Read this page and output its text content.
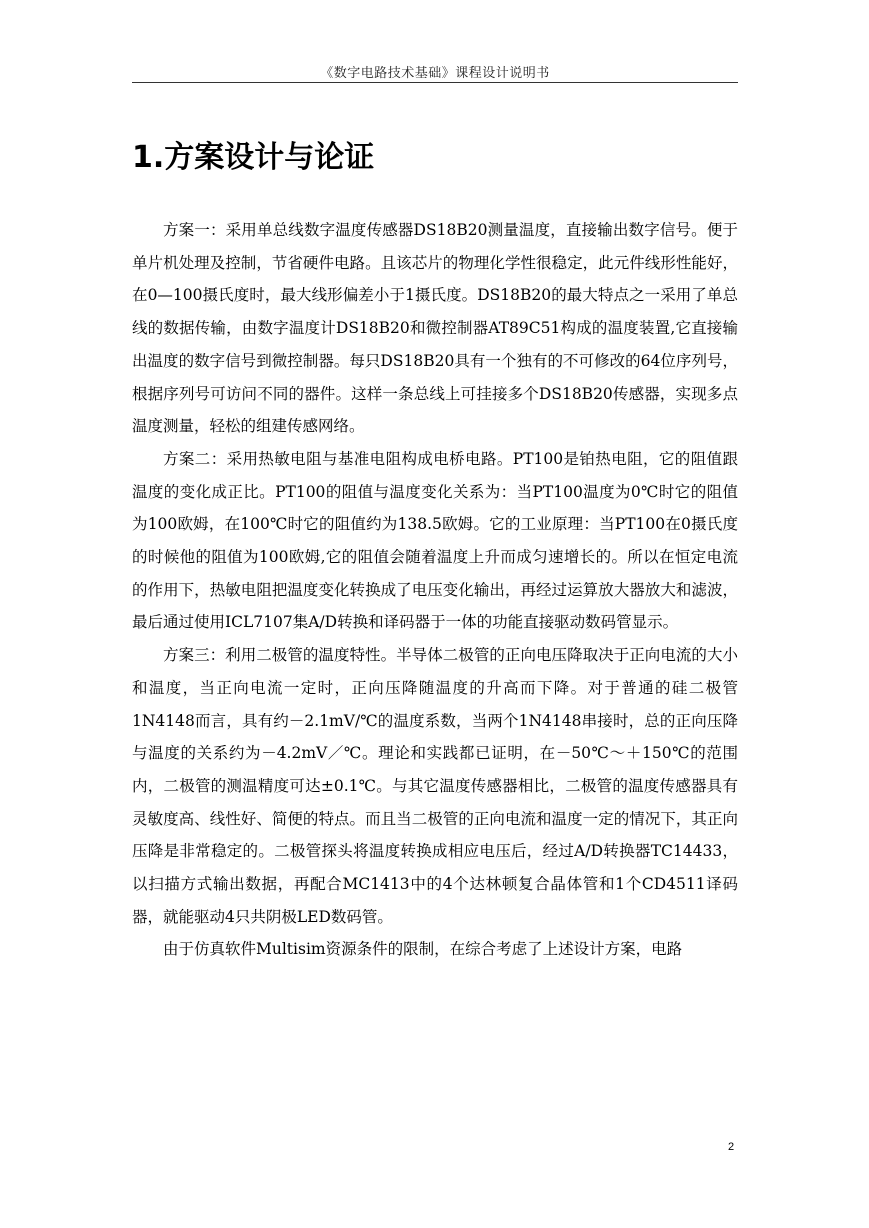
《数字电路技术基础》课程设计说明书
1.方案设计与论证

方案一：采用单总线数字温度传感器DS18B20测量温度，直接输出数字信号。便于单片机处理及控制，节省硬件电路。且该芯片的物理化学性很稳定，此元件线形性能好，在0—100摄氏度时，最大线形偏差小于1摄氏度。DS18B20的最大特点之一采用了单总线的数据传输，由数字温度计DS18B20和微控制器AT89C51构成的温度装置,它直接输出温度的数字信号到微控制器。每只DS18B20具有一个独有的不可修改的64位序列号，根据序列号可访问不同的器件。这样一条总线上可挂接多个DS18B20传感器，实现多点温度测量，轻松的组建传感网络。

方案二：采用热敏电阻与基准电阻构成电桥电路。PT100是铂热电阻，它的阻值跟温度的变化成正比。PT100的阻值与温度变化关系为：当PT100温度为0℃时它的阻值为100欧姆，在100℃时它的阻值约为138.5欧姆。它的工业原理：当PT100在0摄氏度的时候他的阻值为100欧姆,它的阻值会随着温度上升而成匀速增长的。所以在恒定电流的作用下，热敏电阻把温度变化转换成了电压变化输出，再经过运算放大器放大和滤波，最后通过使用ICL7107集A/D转换和译码器于一体的功能直接驱动数码管显示。

方案三：利用二极管的温度特性。半导体二极管的正向电压降取决于正向电流的大小和温度，当正向电流一定时，正向压降随温度的升高而下降。对于普通的硅二极管1N4148而言，具有约－2.1mV/℃的温度系数，当两个1N4148串接时，总的正向压降与温度的关系约为－4.2mV／℃。理论和实践都已证明，在－50℃～＋150℃的范围内，二极管的测温精度可达±0.1℃。与其它温度传感器相比，二极管的温度传感器具有灵敏度高、线性好、简便的特点。而且当二极管的正向电流和温度一定的情况下，其正向压降是非常稳定的。二极管探头将温度转换成相应电压后，经过A/D转换器TC14433，以扫描方式输出数据，再配合MC1413中的4个达林顿复合晶体管和1个CD4511译码器，就能驱动4只共阴极LED数码管。

由于仿真软件Multisim资源条件的限制，在综合考虑了上述设计方案，电路

2
